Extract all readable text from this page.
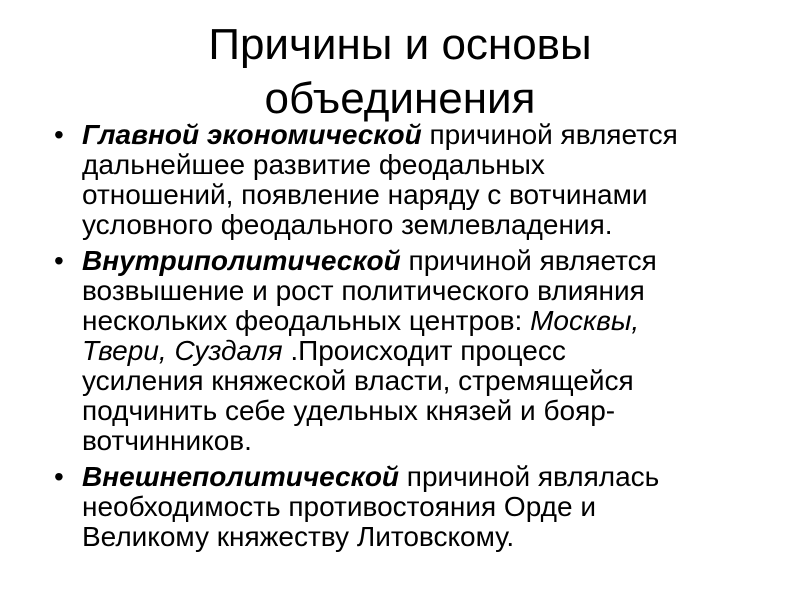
Причины и основы
объединения
• Главной экономической причиной является
дальнейшее развитие феодальных
отношений, появление наряду с вотчинами
условного феодального землевладения.
• Внутриполитической причиной является
возвышение и рост политического влияния
нескольких феодальных центров: Москвы,
Твери, Суздаля .Происходит процесс
усиления княжеской власти, стремящейся
подчинить себе удельных князей и бояр-
вотчинников.
• Внешнеполитической причиной являлась
необходимость противостояния Орде и
Великому княжеству Литовскому.
